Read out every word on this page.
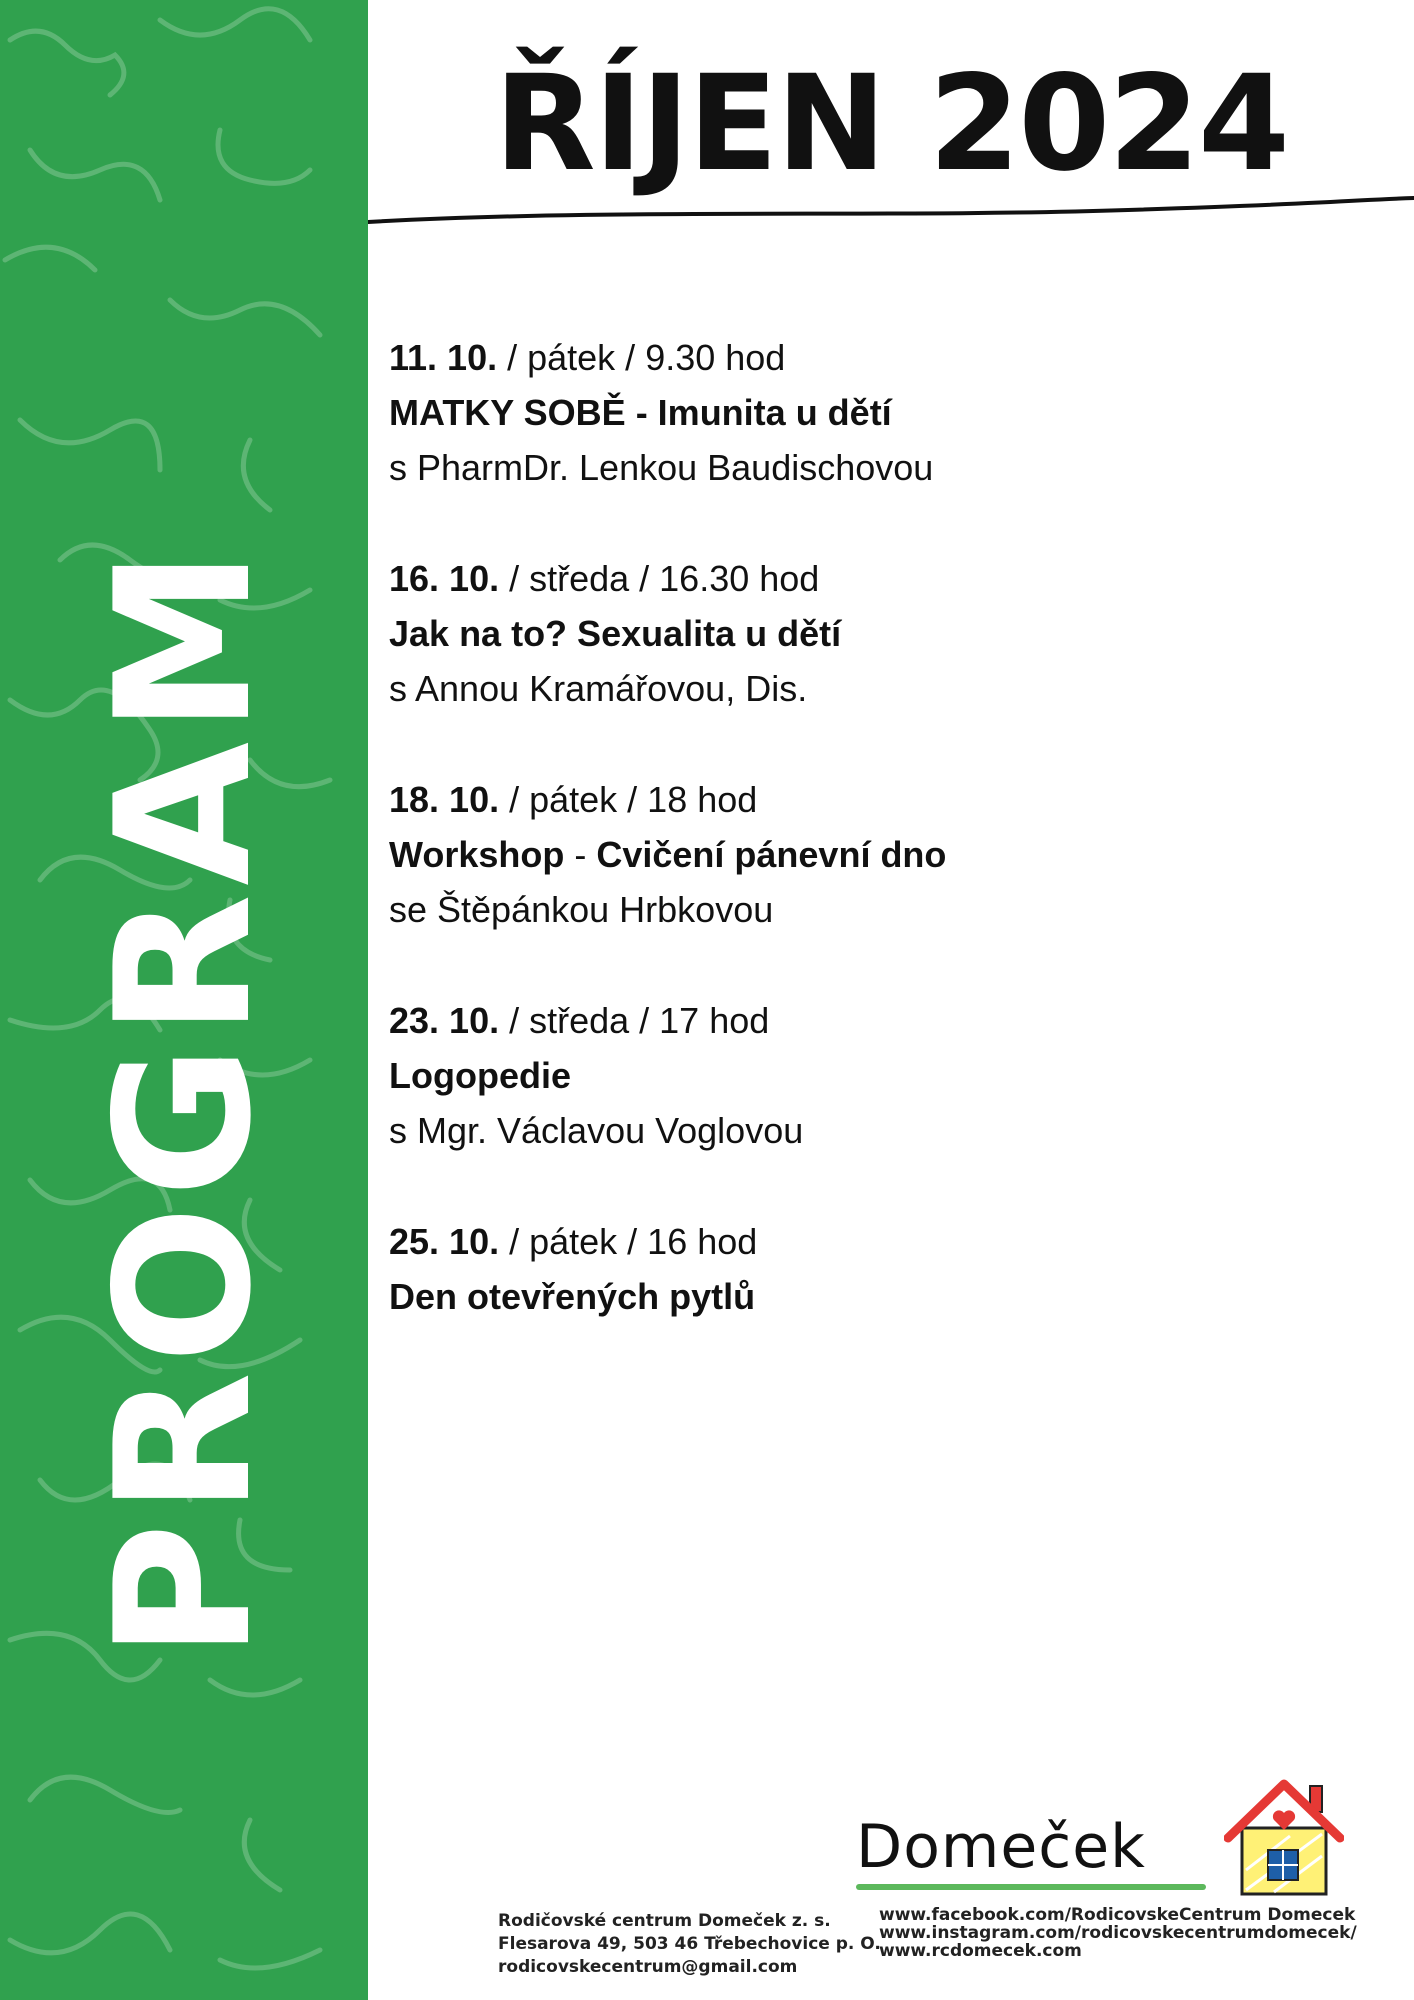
PROGRAM
ŘÍJEN 2024
11. 10. / pátek / 9.30 hod
MATKY SOBĚ - Imunita u dětí
s PharmDr. Lenkou Baudischovou
16. 10. / středa / 16.30 hod
Jak na to? Sexualita u dětí
s Annou Kramářovou, Dis.
18. 10. / pátek / 18 hod
Workshop - Cvičení pánevní dno
se Štěpánkou Hrbkovou
23. 10. / středa / 17 hod
Logopedie
s Mgr. Václavou Voglovou
25. 10. / pátek / 16 hod
Den otevřených pytlů
Domeček
Rodičovské centrum Domeček z. s.
Flesarova 49, 503 46 Třebechovice p. O.
rodicovskecentrum@gmail.com
www.facebook.com/RodicovskeCentrum Domecek
www.instagram.com/rodicovskecentrumdomecek/
www.rcdomecek.com
